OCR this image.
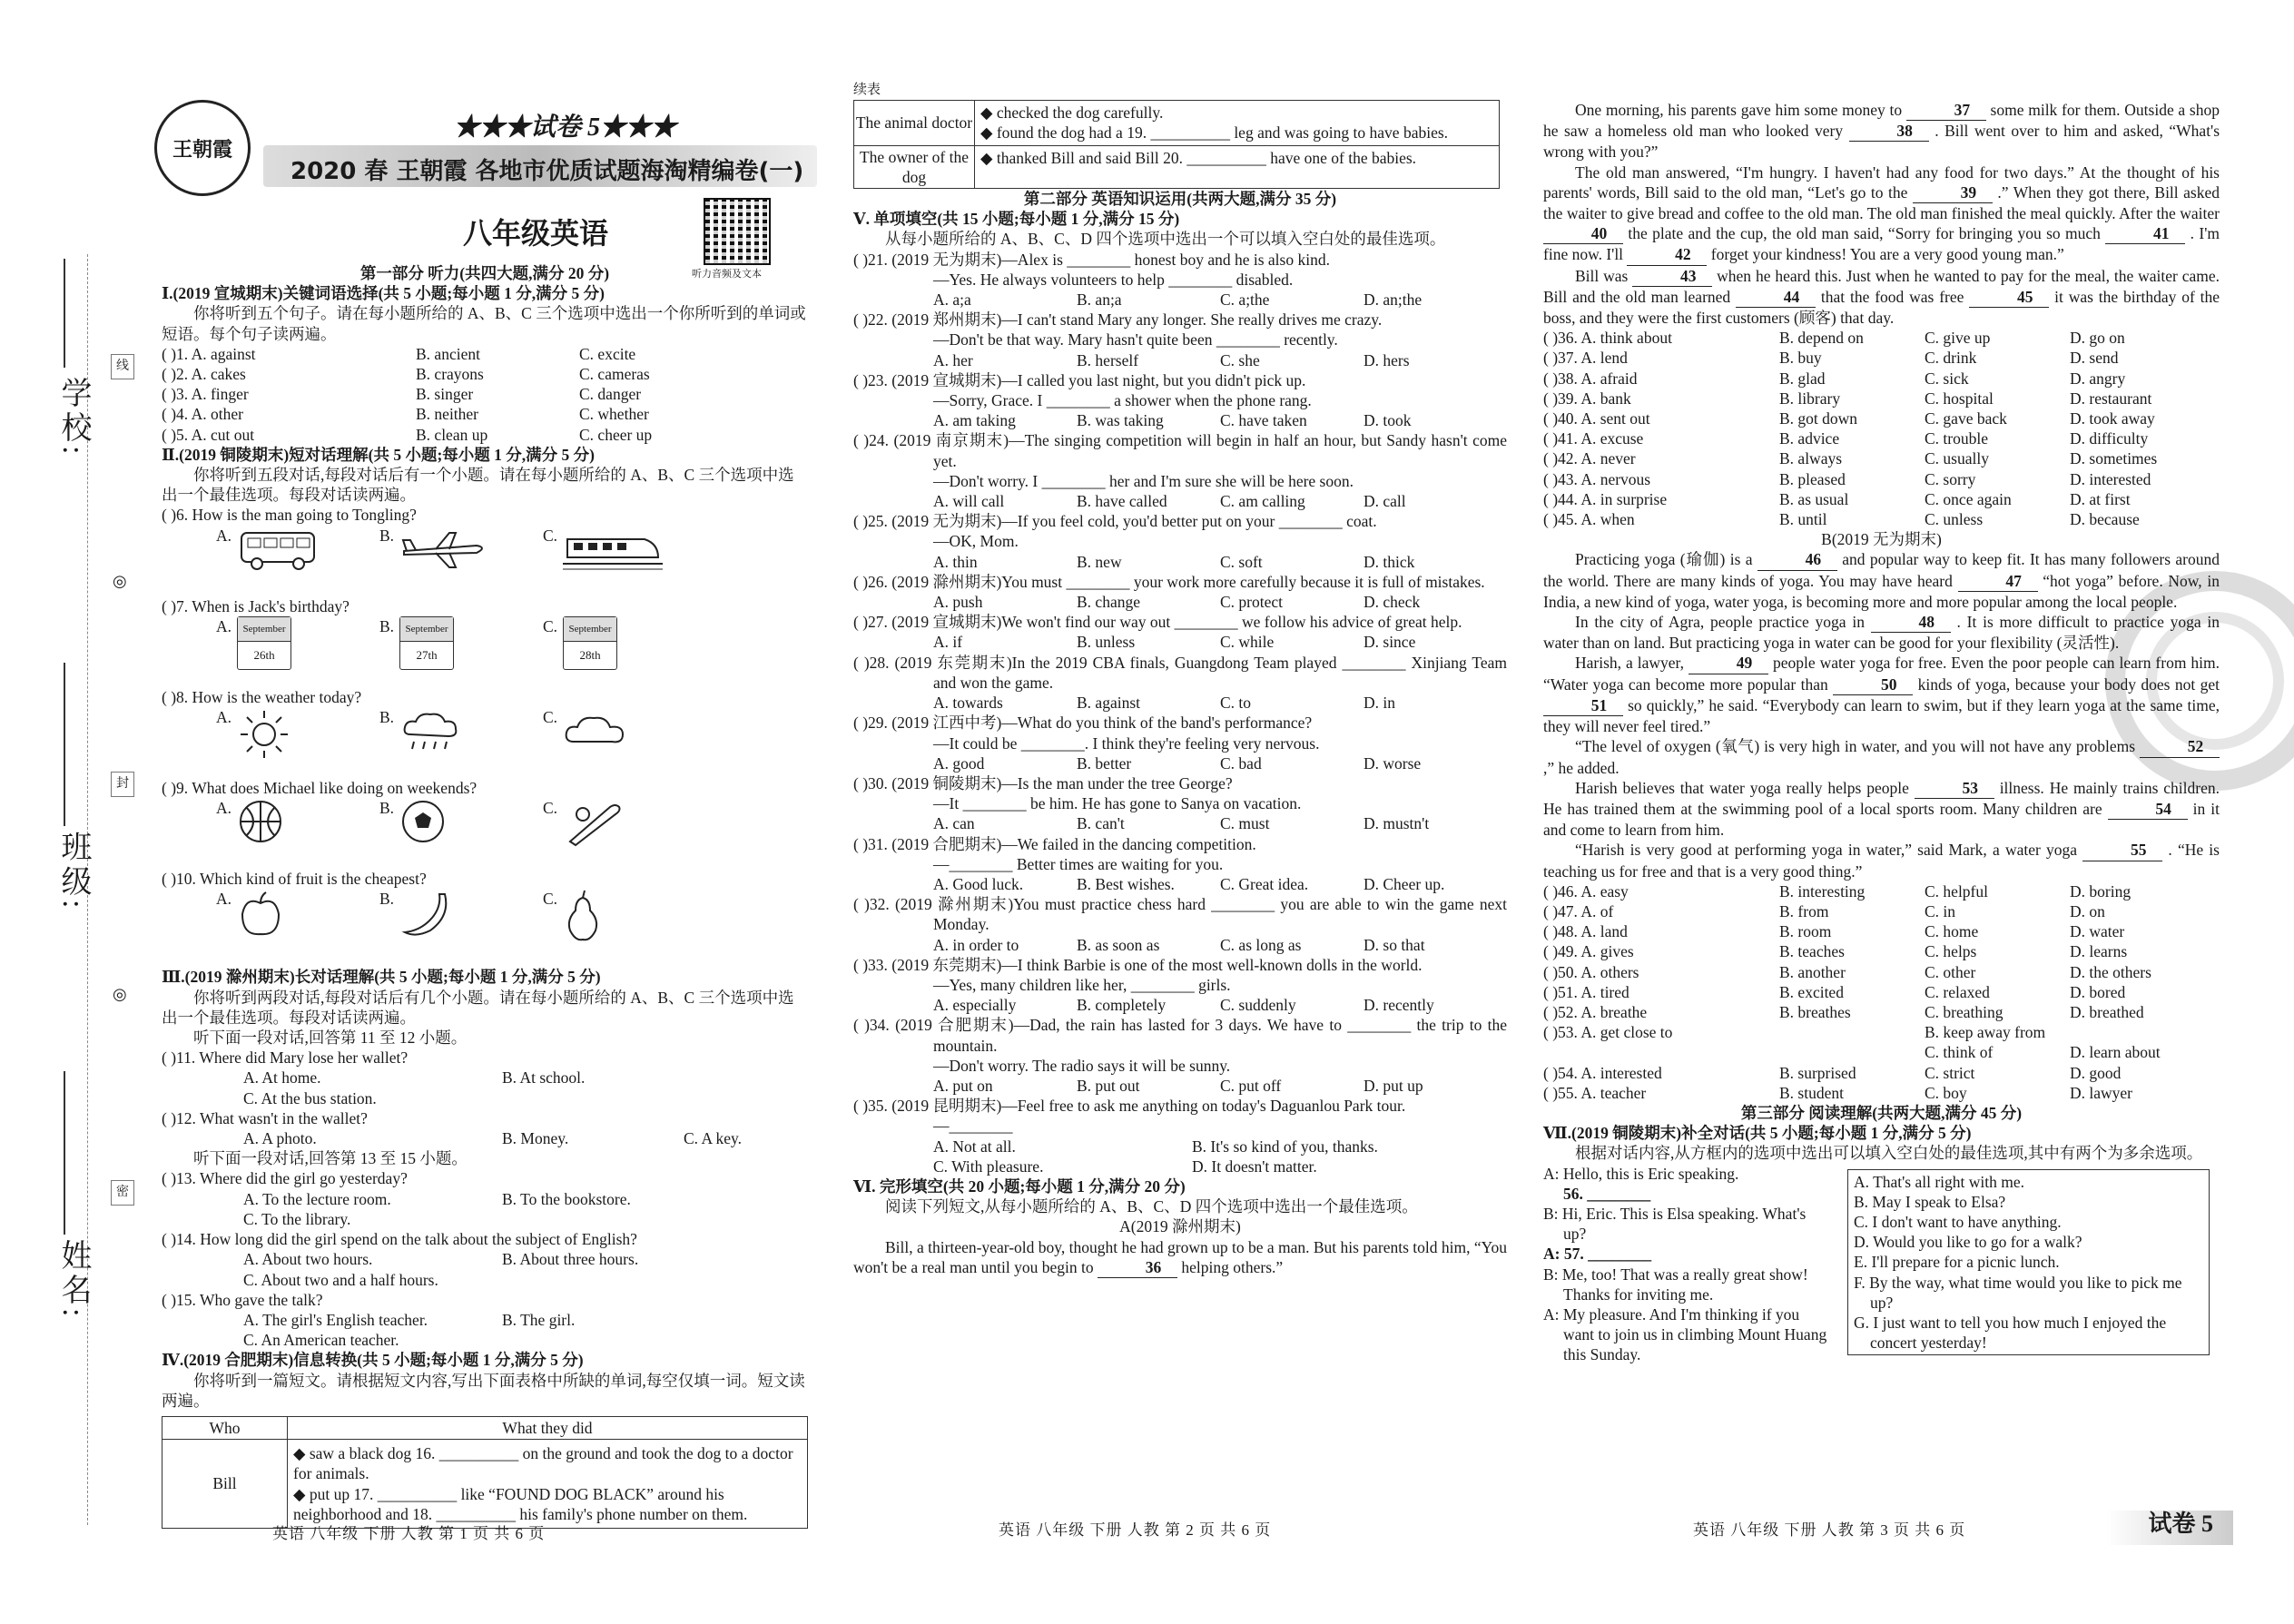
学校:
班级:
姓名:
线
封
密
◎
◎
王朝霞
★★★试卷 5★★★
2020 春 王朝霞 各地市优质试题海淘精编卷(一)
八年级英语
听力音频及文本

第一部分 听力(共四大题,满分 20 分)

Ⅰ.(2019 宣城期末)关键词语选择(共 5 小题;每小题 1 分,满分 5 分)

你将听到五个句子。请在每小题所给的 A、B、C 三个选项中选出一个你所听到的单词或短语。每个句子读两遍。

( )1. A. against	B. ancient	C. excite
( )2. A. cakes	B. crayons	C. cameras
( )3. A. finger	B. singer	C. danger
( )4. A. other	B. neither	C. whether
( )5. A. cut out	B. clean up	C. cheer up

Ⅱ.(2019 铜陵期末)短对话理解(共 5 小题;每小题 1 分,满分 5 分)

你将听到五段对话,每段对话后有一个小题。请在每小题所给的 A、B、C 三个选项中选出一个最佳选项。每段对话读两遍。

( )6. How is the man going to Tongling?

A.	B.	C.

( )7. When is Jack's birthday?

A.	September
26th
B.	September
27th
C.	September
28th

( )8. How is the weather today?

A.	B.	C.

( )9. What does Michael like doing on weekends?

A.	B.	C.

( )10. Which kind of fruit is the cheapest?

A.	B.	C.

Ⅲ.(2019 滁州期末)长对话理解(共 5 小题;每小题 1 分,满分 5 分)

你将听到两段对话,每段对话后有几个小题。请在每小题所给的 A、B、C 三个选项中选出一个最佳选项。每段对话读两遍。

听下面一段对话,回答第 11 至 12 小题。

( )11. Where did Mary lose her wallet?

A. At home.	B. At school.
C. At the bus station.

( )12. What wasn't in the wallet?

A. A photo.	B. Money.	C. A key.

听下面一段对话,回答第 13 至 15 小题。

( )13. Where did the girl go yesterday?

A. To the lecture room.	B. To the bookstore.
C. To the library.
( )14. How long did the girl spend on the talk about the subject of English?
A. About two hours.	B. About three hours.
C. About two and a half hours.

( )15. Who gave the talk?

A. The girl's English teacher.	B. The girl.
C. An American teacher.

Ⅳ.(2019 合肥期末)信息转换(共 5 小题;每小题 1 分,满分 5 分)

你将听到一篇短文。请根据短文内容,写出下面表格中所缺的单词,每空仅填一词。短文读两遍。

Who	What they did
Bill	◆ saw a black dog 16. __________ on the ground and took the dog to a doctor for animals.

◆ put up 17. __________ like “FOUND DOG BLACK” around his neighborhood and 18. __________ his family's phone number on them.

英语 八年级 下册 人教 第 1 页 共 6 页

续表

The animal doctor	◆ checked the dog carefully.

◆ found the dog had a 19. __________ leg and was going to have babies.

The owner of the dog	◆ thanked Bill and said Bill 20. __________ have one of the babies.

第二部分 英语知识运用(共两大题,满分 35 分)

Ⅴ. 单项填空(共 15 小题;每小题 1 分,满分 15 分)

从每小题所给的 A、B、C、D 四个选项中选出一个可以填入空白处的最佳选项。

( )21. (2019 无为期末)—Alex is ________ honest boy and he is also kind.

—Yes. He always volunteers to help ________ disabled.

A. a;a	B. an;a	C. a;the	D. an;the

( )22. (2019 郑州期末)—I can't stand Mary any longer. She really drives me crazy.

—Don't be that way. Mary hasn't quite been ________ recently.

A. her	B. herself	C. she	D. hers

( )23. (2019 宣城期末)—I called you last night, but you didn't pick up.

—Sorry, Grace. I ________ a shower when the phone rang.

A. am taking	B. was taking	C. have taken	D. took

( )24. (2019 南京期末)—The singing competition will begin in half an hour, but Sandy hasn't come yet.

—Don't worry. I ________ her and I'm sure she will be here soon.

A. will call	B. have called	C. am calling	D. call

( )25. (2019 无为期末)—If you feel cold, you'd better put on your ________ coat.

—OK, Mom.

A. thin	B. new	C. soft	D. thick

( )26. (2019 滁州期末)You must ________ your work more carefully because it is full of mistakes.

A. push	B. change	C. protect	D. check

( )27. (2019 宣城期末)We won't find our way out ________ we follow his advice of great help.

A. if	B. unless	C. while	D. since

( )28. (2019 东莞期末)In the 2019 CBA finals, Guangdong Team played ________ Xinjiang Team and won the game.

A. towards	B. against	C. to	D. in

( )29. (2019 江西中考)—What do you think of the band's performance?

—It could be ________. I think they're feeling very nervous.

A. good	B. better	C. bad	D. worse

( )30. (2019 铜陵期末)—Is the man under the tree George?

—It ________ be him. He has gone to Sanya on vacation.

A. can	B. can't	C. must	D. mustn't

( )31. (2019 合肥期末)—We failed in the dancing competition.

—________ Better times are waiting for you.

A. Good luck.	B. Best wishes.	C. Great idea.	D. Cheer up.

( )32. (2019 滁州期末)You must practice chess hard ________ you are able to win the game next Monday.

A. in order to	B. as soon as	C. as long as	D. so that

( )33. (2019 东莞期末)—I think Barbie is one of the most well-known dolls in the world.

—Yes, many children like her, ________ girls.

A. especially	B. completely	C. suddenly	D. recently

( )34. (2019 合肥期末)—Dad, the rain has lasted for 3 days. We have to ________ the trip to the mountain.

—Don't worry. The radio says it will be sunny.

A. put on	B. put out	C. put off	D. put up

( )35. (2019 昆明期末)—Feel free to ask me anything on today's Daguanlou Park tour.

—________

A. Not at all.	B. It's so kind of you, thanks.
C. With pleasure.	D. It doesn't matter.

Ⅵ. 完形填空(共 20 小题;每小题 1 分,满分 20 分)

阅读下列短文,从每小题所给的 A、B、C、D 四个选项中选出一个最佳选项。

A(2019 滁州期末)

Bill, a thirteen-year-old boy, thought he had grown up to be a man. But his parents told him, “You won't be a real man until you begin to	36 helping others.”

英语 八年级 下册 人教 第 2 页 共 6 页

One morning, his parents gave him some money to	37 some milk for them. Outside a shop he saw a homeless old man who looked very	38 . Bill went over to him and asked, “What's wrong with you?”

The old man answered, “I'm hungry. I haven't had any food for two days.” At the thought of his parents' words, Bill said to the old man, “Let's go to the	39 .” When they got there, Bill asked the waiter to give bread and coffee to the old man. The old man finished the meal quickly. After the waiter 40 the plate and the cup, the old man said, “Sorry for bringing you so much	41 . I'm fine now. I'll	42 forget your kindness! You are a very good young man.”

Bill was	43 when he heard this. Just when he wanted to pay for the meal, the waiter came. Bill and the old man learned	44 that the food was free	45 it was the birthday of the boss, and they were the first customers (顾客) that day.

( )36. A. think about	B. depend on	C. give up	D. go on
( )37. A. lend	B. buy	C. drink	D. send
( )38. A. afraid	B. glad	C. sick	D. angry
( )39. A. bank	B. library	C. hospital	D. restaurant
( )40. A. sent out	B. got down	C. gave back	D. took away
( )41. A. excuse	B. advice	C. trouble	D. difficulty
( )42. A. never	B. always	C. usually	D. sometimes
( )43. A. nervous	B. pleased	C. sorry	D. interested
( )44. A. in surprise	B. as usual	C. once again	D. at first
( )45. A. when	B. until	C. unless	D. because

B(2019 无为期末)

Practicing yoga (瑜伽) is a	46 and popular way to keep fit. It has many followers around the world. There are many kinds of yoga. You may have heard	47 “hot yoga” before. Now, in India, a new kind of yoga, water yoga, is becoming more and more popular among the local people.

In the city of Agra, people practice yoga in	48 . It is more difficult to practice yoga in water than on land. But practicing yoga in water can be good for your flexibility (灵活性).

Harish, a lawyer,	49 people water yoga for free. Even the poor people can learn from him. “Water yoga can become more popular than	50 kinds of yoga, because your body does not get 51 so quickly,” he said. “Everybody can learn to swim, but if they learn yoga at the same time, they will never feel tired.”

“The level of oxygen (氧气) is very high in water, and you will not have any problems	52 ,” he added.

Harish believes that water yoga really helps people	53 illness. He mainly trains children. He has trained them at the swimming pool of a local sports room. Many children are	54 in it and come to learn from him.

“Harish is very good at performing yoga in water,” said Mark, a water yoga	55 . “He is teaching us for free and that is a very good thing.”

( )46. A. easy	B. interesting	C. helpful	D. boring
( )47. A. of	B. from	C. in	D. on
( )48. A. land	B. room	C. home	D. water
( )49. A. gives	B. teaches	C. helps	D. learns
( )50. A. others	B. another	C. other	D. the others
( )51. A. tired	B. excited	C. relaxed	D. bored
( )52. A. breathe	B. breathes	C. breathing	D. breathed
( )53. A. get close to	B. keep away from
C. think of	D. learn about
( )54. A. interested	B. surprised	C. strict	D. good
( )55. A. teacher	B. student	C. boy	D. lawyer

第三部分 阅读理解(共两大题,满分 45 分)

Ⅶ.(2019 铜陵期末)补全对话(共 5 小题;每小题 1 分,满分 5 分)

根据对话内容,从方框内的选项中选出可以填入空白处的最佳选项,其中有两个为多余选项。

A: Hello, this is Eric speaking.

56. ________

B: Hi, Eric. This is Elsa speaking. What's up?

A: 57. ________

B: Me, too! That was a really great show! Thanks for inviting me.

A: My pleasure. And I'm thinking if you want to join us in climbing Mount Huang this Sunday.

A. That's all right with me.

B. May I speak to Elsa?

C. I don't want to have anything.

D. Would you like to go for a walk?

E. I'll prepare for a picnic lunch.

F. By the way, what time would you like to pick me up?

G. I just want to tell you how much I enjoyed the concert yesterday!

英语 八年级 下册 人教 第 3 页 共 6 页	试卷 5
